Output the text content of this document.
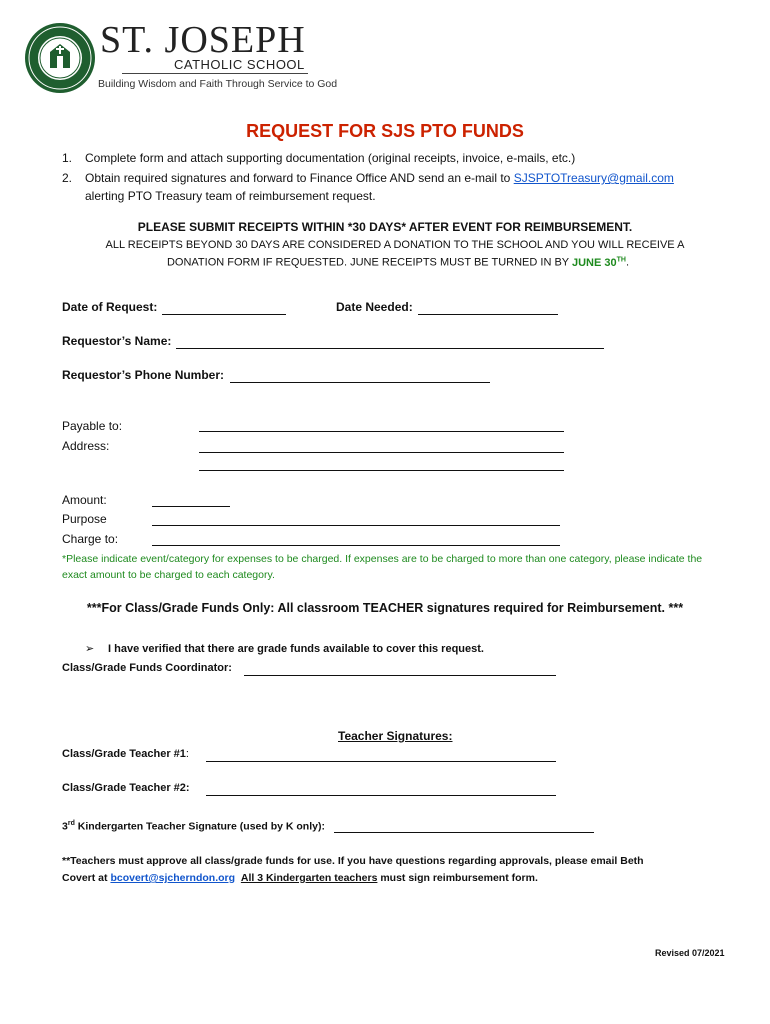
ST. JOSEPH
CATHOLIC SCHOOL
Building Wisdom and Faith Through Service to God
REQUEST FOR SJS PTO FUNDS
1. Complete form and attach supporting documentation (original receipts, invoice, e-mails, etc.)
2. Obtain required signatures and forward to Finance Office AND send an e-mail to SJSPTOTreasury@gmail.com
alerting PTO Treasury team of reimbursement request.
PLEASE SUBMIT RECEIPTS WITHIN *30 DAYS* AFTER EVENT FOR REIMBURSEMENT.
ALL RECEIPTS BEYOND 30 DAYS ARE CONSIDERED A DONATION TO THE SCHOOL AND YOU WILL RECEIVE A
DONATION FORM IF REQUESTED. JUNE RECEIPTS MUST BE TURNED IN BY JUNE 30TH.
Date of Request:	Date Needed:
Requestor’s Name:
Requestor’s Phone Number:
Payable to:
Address:
Amount:
Purpose
Charge to:
*Please indicate event/category for expenses to be charged. If expenses are to be charged to more than one category, please indicate the exact amount to be charged to each category.
***For Class/Grade Funds Only: All classroom TEACHER signatures required for Reimbursement. ***
➢ I have verified that there are grade funds available to cover this request.
Class/Grade Funds Coordinator:
Teacher Signatures:
Class/Grade Teacher #1:
Class/Grade Teacher #2:
3rd Kindergarten Teacher Signature (used by K only):
**Teachers must approve all class/grade funds for use. If you have questions regarding approvals, please email Beth
Covert at bcovert@sjcherndon.org All 3 Kindergarten teachers must sign reimbursement form.
Revised 07/2021
